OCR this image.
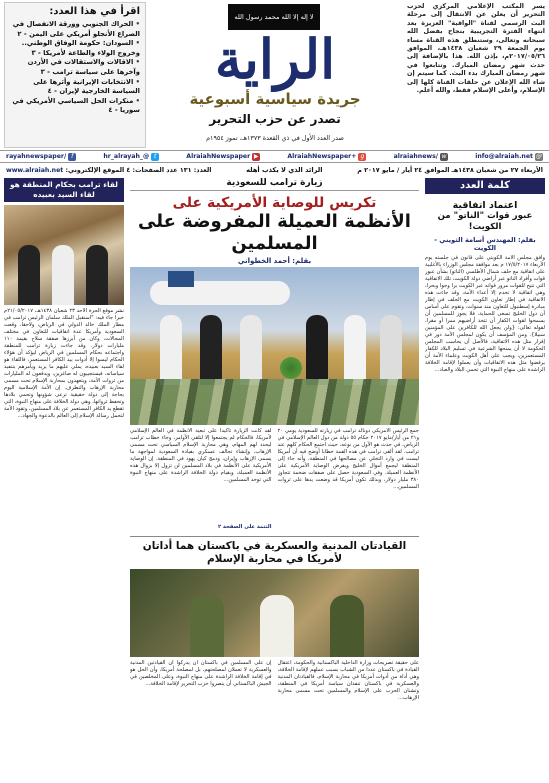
يسر المكتب الإعلامي المركزي لحزب التحرير أن يعلن عن الانتقال إلى مرحلة البث الرسمي لقناة "الواقية" العزيزة بعد انتهاء الفترة التجريبية بنجاح بفضل الله سبحانه وتعالى، وستنطلق هذه القناة مساء يوم الجمعة ٢٩ شعبان ١٤٣٨هـ، الموافق ٢٠١٧/٠٥/٢٦م، بإذن الله. هذا بالإضافة إلى حدث شهر رمضان المبارك. وتتابعوا في شهر رمضان المبارك بدء البث. كما سيتم إن شاء الله الإعلان عن حلقات القناة كلها إلى الإسلام، وأعلى الإسلام فقط، والله أعلم.
لا إله إلا الله محمد رسول الله
الراية
جريدة سياسية أسبوعية
تصدر عن حزب التحرير
صدر العدد الأول في ذي القعدة ١٣٧٣هـ، تموز ١٩٥٤م
اقرأ في هذا العدد:
• الحراك الجنوبي وورقة الانفصال في الصراع الأنجلو أمريكي على اليمن - ٢
• السودان: حكومة الوفاق الوطني.. وخروج الولاء والطاعة لأمريكا - ٣
• الاقالات والاستقالات في الأردن وآخرها على سياسة ترامب - ٣
• الانتخابات الإيرانية وأثرها على السياسة الخارجية لإيران - ٤
• منكرات الحل السياسي الأمريكي في سوريا - ٤
f
/rayahnewspaper	t
@_hr_alrayah	▶
AlraiahNewspaper	g
+AlraiahNewspaper	w
/alraiahnews	@
info@alraiah.net
الأربعاء ٢٧ من شعبان ١٤٣٨هـ الموافق ٢٤ أيار / مايو ٢٠١٧ م
الرائد الذي لا يكذب أهله
العدد: ١٣١ عدد الصفحات: ٤ الموقع الإلكتروني: www.alraiah.net
كلمة العدد
اعتماد اتفاقية
عبور قوات "الناتو" من الكويت!
بقلم: المهندس أسامة الثويني - الكويت

وافق مجلس الأمة الكويتي على قانون في جلسته يوم الأربعاء ١٧/٥/٢٠١٧ م بعد موافقة مجلس الوزراء بالأغلبية على اتفاقية مع حلف شمال الأطلسي (الناتو) بشأن عبور قوات وأفراد الناتو عبر أراضي دولة الكويت، تلك الاتفاقية التي تتيح للقوات مرور قواته عبر الكويت برا وجوا وبحرا، وهي اتفاقية لا تخدم إلا أعداء الأمة، وقد جاءت هذه الاتفاقية في إطار تعاون الكويت مع الحلف في إطار مبادرة إسطنبول للتعاون منذ سنوات، وتقوم على أساس أن دول الخليج تسعى للحماية، فلا يجوز للمسلمين أن يسمحوا لقوات الكفار أن تتخذ أراضيهم ممرا أو مقرا، لقوله تعالى: {ولن يجعل الله للكافرين على المؤمنين سبيلا}. ومن المؤسف أن يكون لمجلس الأمة دور في إقرار مثل هذه الاتفاقية، فالأصل أن يحاسب المجلس الحكومة لا أن يمنحها الشرعية في تسليم البلاد للكفار المستعمرين، ويجب على أهل الكويت وعلماء الأمة أن يرفضوا مثل هذه الاتفاقيات وأن يعملوا لإقامة الخلافة الراشدة على منهاج النبوة التي تحمي البلاد والعباد...

لقاء ترامب بحكام المنطقة هو لقاء السيد بعبيده

نشر موقع الحرة الأحد ٢٣ شعبان ١٤٣٨هـ، ٢١/٠٥/٢٠١٧م خبرا جاء فيه: "استقبل الملك سلمان الرئيس ترامب في مطار الملك خالد الدولي في الرياض، ولاحقا، وقعت السعودية وأمريكا عدة اتفاقيات للتعاون في مختلف المجالات، وكان من أبرزها صفقة سلاح بقيمة ١١٠ مليارات دولار. وقد جاءت زيارة ترامب للمنطقة واجتماعه بحكام المسلمين في الرياض ليؤكد أن هؤلاء الحكام ليسوا إلا أدوات بيد الكافر المستعمر، فاللقاء هو لقاء السيد بعبيده، يملي عليهم ما يريد ويأمرهم بتنفيذ سياساته، فيستجيبون له صاغرين، ويدفعون له المليارات من ثروات الأمة، ويتعهدون بمحاربة الإسلام تحت مسمى محاربة الإرهاب والتطرف. إن الأمة الإسلامية اليوم بحاجة إلى دولة حقيقية ترعى شؤونها وتحمي بلادها وتحفظ ثرواتها، وهي دولة الخلافة على منهاج النبوة، التي تقطع يد الكافر المستعمر عن بلاد المسلمين، وتقود الأمة لتحمل رسالة الإسلام إلى العالم بالدعوة والجهاد...

زيارة ترامب للسعودية
تكريس للوصاية الأمريكية على
الأنظمة العميلة المفروضة على المسلمين
بقلم: أحمد الخطواني
جمع الرئيس الأمريكي دونالد ترامب في زيارته للسعودية يومي ٢٠ و٢١ من أيار/مايو ٢٠١٧ حكام ٥٥ دولة من دول العالم الإسلامي في الرياض، في حدث هو الأول من نوعه، حيث اجتمع الحكام كلهم عند ترامب. لقد ألقى ترامب في هذه القمة خطابا أوضح فيه أن أمريكا ليست في وارد التخلي عن مصالحها في المنطقة، وأنه جاء إلى المنطقة ليجمع أموال الخليج ويفرض الوصاية الأمريكية على الأنظمة العميلة. وفي السعودية حصل على صفقات ضخمة تتجاوز ٣٨٠ مليار دولار، وبذلك تكون أمريكا قد وضعت يدها على ثروات المسلمين...
لقد كانت الزيارة تأكيدا على تبعية الأنظمة في العالم الإسلامي لأمريكا، فالحكام لم يجتمعوا إلا لتلقي الأوامر، وجاء خطاب ترامب ليحدد لهم المهام، وهي محاربة الإسلام السياسي تحت مسمى الإرهاب، وإنشاء تحالف عسكري بقيادة السعودية لمواجهة ما يسمى الإرهاب وإيران، ودمج كيان يهود في المنطقة. إن الوصاية الأمريكية على الأنظمة في بلاد المسلمين لن تزول إلا بزوال هذه الأنظمة العميلة، وبقيام دولة الخلافة الراشدة على منهاج النبوة التي توحد المسلمين...
التتمة على الصفحة ٢
القيادتان المدنية والعسكرية في باكستان هما أداتان لأمريكا في محاربة الإسلام
على حقيقة تصريحات وزارة الداخلية الباكستانية والحكومة، اعتقال القيادة في باكستان عددا من الشباب بسبب عملهم لإقامة الخلافة، وهي أداة من أدوات أمريكا في محاربة الإسلام، فالقيادتان المدنية والعسكرية في باكستان تنفذان سياسة أمريكا في المنطقة، وتشنان الحرب على الإسلام والمسلمين تحت مسمى محاربة الإرهاب...
إن على المسلمين في باكستان أن يدركوا أن القيادتين المدنية والعسكرية لا تعملان لمصلحتهم، بل لمصلحة أمريكا، وأن الحل هو في إقامة الخلافة الراشدة على منهاج النبوة، وعلى المخلصين في الجيش الباكستاني أن ينصروا حزب التحرير لإقامة الخلافة...
